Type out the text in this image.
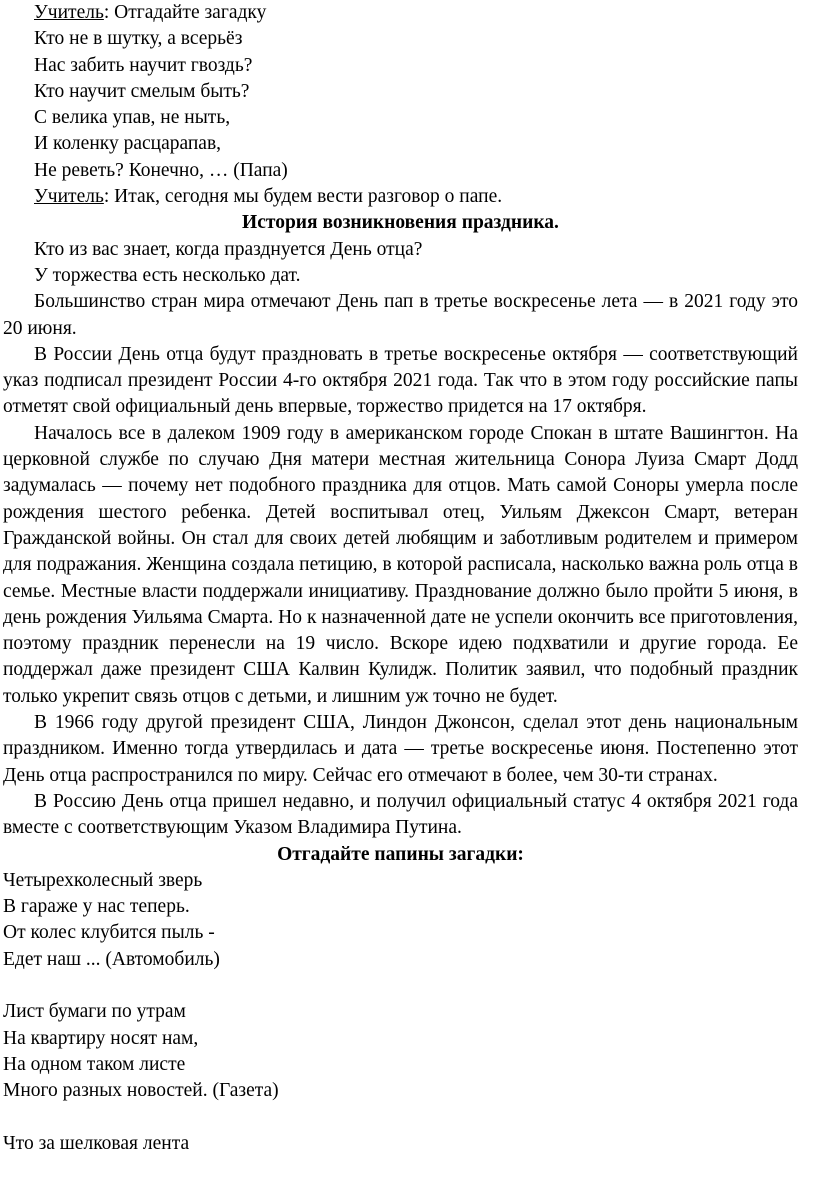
Учитель: Отгадайте загадку

Кто не в шутку, а всерьёз

Нас забить научит гвоздь?

Кто научит смелым быть?

С велика упав, не ныть,

И коленку расцарапав,

Не реветь? Конечно, … (Папа)

Учитель: Итак, сегодня мы будем вести разговор о папе.

История возникновения праздника.

Кто из вас знает, когда празднуется День отца?

У торжества есть несколько дат.

Большинство стран мира отмечают День пап в третье воскресенье лета — в 2021 году это 20 июня.

В России День отца будут праздновать в третье воскресенье октября — соответствующий указ подписал президент России 4-го октября 2021 года. Так что в этом году российские папы отметят свой официальный день впервые, торжество придется на 17 октября.

Началось все в далеком 1909 году в американском городе Спокан в штате Вашингтон. На церковной службе по случаю Дня матери местная жительница Сонора Луиза Смарт Додд задумалась — почему нет подобного праздника для отцов. Мать самой Соноры умерла после рождения шестого ребенка. Детей воспитывал отец, Уильям Джексон Смарт, ветеран Гражданской войны. Он стал для своих детей любящим и заботливым родителем и примером для подражания. Женщина создала петицию, в которой расписала, насколько важна роль отца в семье. Местные власти поддержали инициативу. Празднование должно было пройти 5 июня, в день рождения Уильяма Смарта. Но к назначенной дате не успели окончить все приготовления, поэтому праздник перенесли на 19 число. Вскоре идею подхватили и другие города. Ее поддержал даже президент США Калвин Кулидж. Политик заявил, что подобный праздник только укрепит связь отцов с детьми, и лишним уж точно не будет.

В 1966 году другой президент США, Линдон Джонсон, сделал этот день национальным праздником. Именно тогда утвердилась и дата — третье воскресенье июня. Постепенно этот День отца распространился по миру. Сейчас его отмечают в более, чем 30-ти странах.

В Россию День отца пришел недавно, и получил официальный статус 4 октября 2021 года вместе с соответствующим Указом Владимира Путина.

Отгадайте папины загадки:

Четырехколесный зверь

В гараже у нас теперь.

От колес клубится пыль -

Едет наш ... (Автомобиль)

Лист бумаги по утрам

На квартиру носят нам,

На одном таком листе

Много разных новостей. (Газета)

Что за шелковая лента
